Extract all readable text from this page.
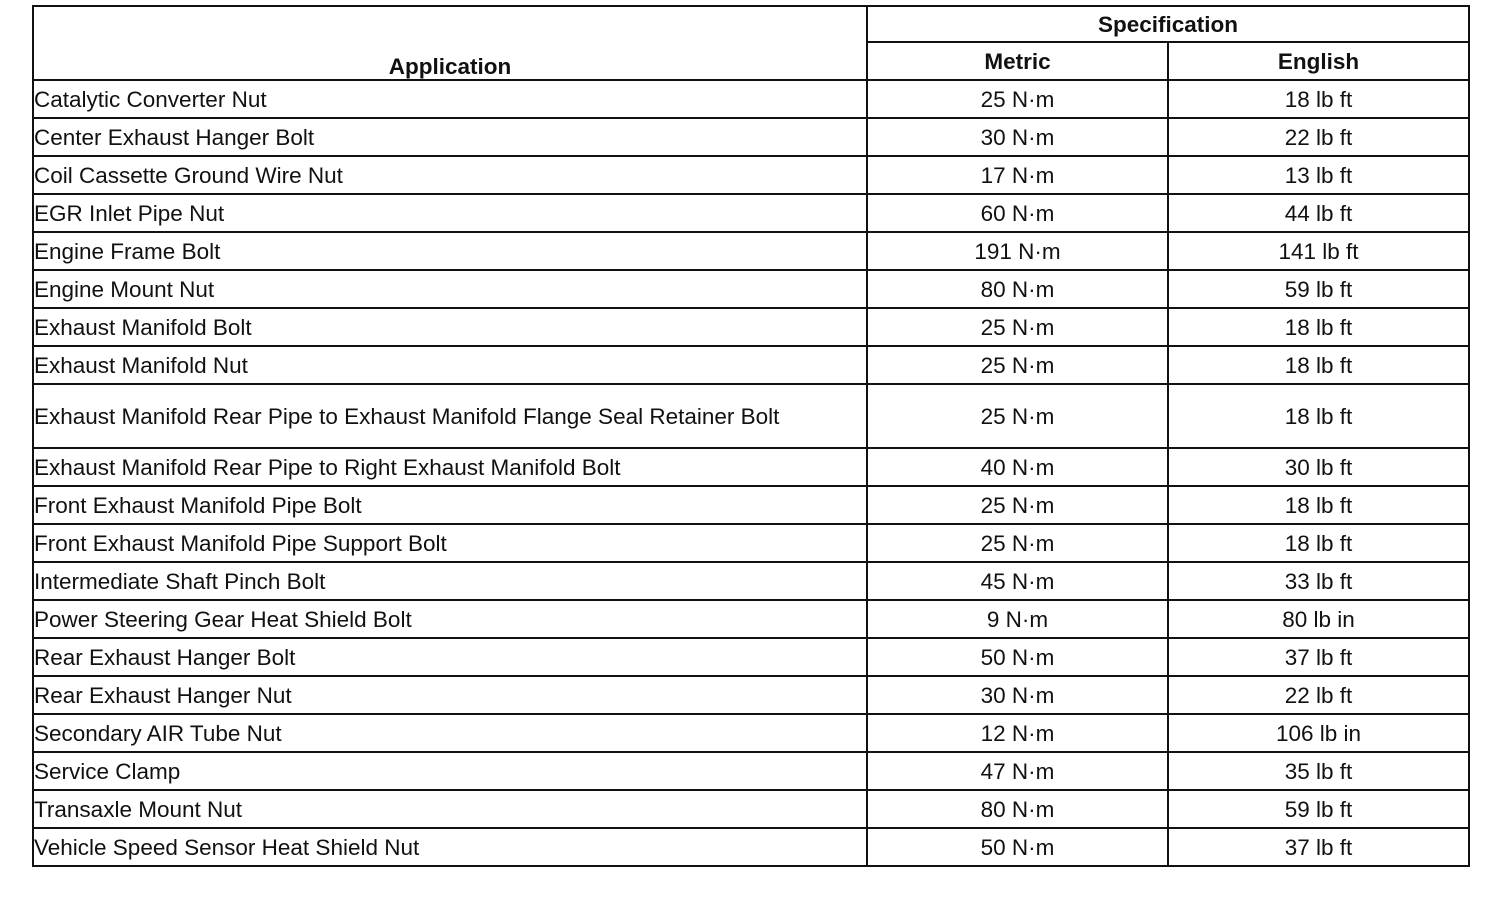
Application	Specification	
	Metric	English
Catalytic Converter Nut	25 N·m	18 lb ft
Center Exhaust Hanger Bolt	30 N·m	22 lb ft
Coil Cassette Ground Wire Nut	17 N·m	13 lb ft
EGR Inlet Pipe Nut	60 N·m	44 lb ft
Engine Frame Bolt	191 N·m	141 lb ft
Engine Mount Nut	80 N·m	59 lb ft
Exhaust Manifold Bolt	25 N·m	18 lb ft
Exhaust Manifold Nut	25 N·m	18 lb ft
Exhaust Manifold Rear Pipe to Exhaust Manifold Flange Seal Retainer Bolt	25 N·m	18 lb ft
Exhaust Manifold Rear Pipe to Right Exhaust Manifold Bolt	40 N·m	30 lb ft
Front Exhaust Manifold Pipe Bolt	25 N·m	18 lb ft
Front Exhaust Manifold Pipe Support Bolt	25 N·m	18 lb ft
Intermediate Shaft Pinch Bolt	45 N·m	33 lb ft
Power Steering Gear Heat Shield Bolt	9 N·m	80 lb in
Rear Exhaust Hanger Bolt	50 N·m	37 lb ft
Rear Exhaust Hanger Nut	30 N·m	22 lb ft
Secondary AIR Tube Nut	12 N·m	106 lb in
Service Clamp	47 N·m	35 lb ft
Transaxle Mount Nut	80 N·m	59 lb ft
Vehicle Speed Sensor Heat Shield Nut	50 N·m	37 lb ft
